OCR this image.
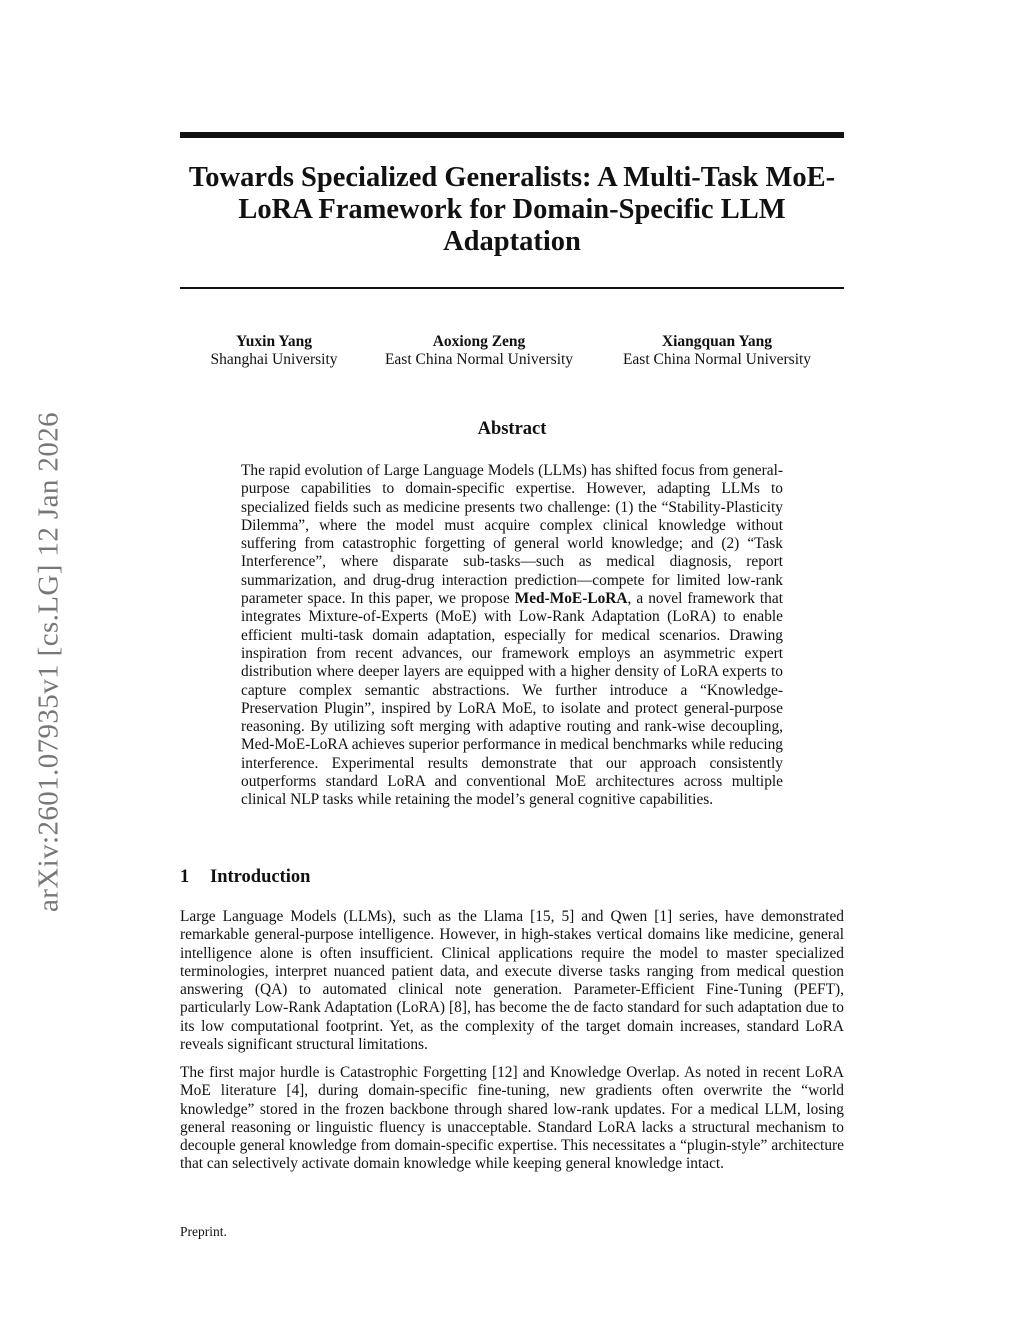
arXiv:2601.07935v1 [cs.LG] 12 Jan 2026
Towards Specialized Generalists: A Multi-Task MoE-LoRA Framework for Domain-Specific LLM Adaptation
Yuxin Yang
Shanghai University
Aoxiong Zeng
East China Normal University
Xiangquan Yang
East China Normal University
Abstract

The rapid evolution of Large Language Models (LLMs) has shifted focus from general-purpose capabilities to domain-specific expertise. However, adapting LLMs to specialized fields such as medicine presents two challenge: (1) the “Stability-Plasticity Dilemma”, where the model must acquire complex clinical knowledge without suffering from catastrophic forgetting of general world knowledge; and (2) “Task Interference”, where disparate sub-tasks—such as medical diagnosis, report summarization, and drug-drug interaction prediction—compete for limited low-rank parameter space. In this paper, we propose Med-MoE-LoRA, a novel framework that integrates Mixture-of-Experts (MoE) with Low-Rank Adaptation (LoRA) to enable efficient multi-task domain adaptation, especially for medical scenarios. Drawing inspiration from recent advances, our framework employs an asymmetric expert distribution where deeper layers are equipped with a higher density of LoRA experts to capture complex semantic abstractions. We further introduce a “Knowledge-Preservation Plugin”, inspired by LoRA MoE, to isolate and protect general-purpose reasoning. By utilizing soft merging with adaptive routing and rank-wise decoupling, Med-MoE-LoRA achieves superior performance in medical benchmarks while reducing interference. Experimental results demonstrate that our approach consistently outperforms standard LoRA and conventional MoE architectures across multiple clinical NLP tasks while retaining the model’s general cognitive capabilities.

1 Introduction

Large Language Models (LLMs), such as the Llama [15, 5] and Qwen [1] series, have demonstrated remarkable general-purpose intelligence. However, in high-stakes vertical domains like medicine, general intelligence alone is often insufficient. Clinical applications require the model to master specialized terminologies, interpret nuanced patient data, and execute diverse tasks ranging from medical question answering (QA) to automated clinical note generation. Parameter-Efficient Fine-Tuning (PEFT), particularly Low-Rank Adaptation (LoRA) [8], has become the de facto standard for such adaptation due to its low computational footprint. Yet, as the complexity of the target domain increases, standard LoRA reveals significant structural limitations.

The first major hurdle is Catastrophic Forgetting [12] and Knowledge Overlap. As noted in recent LoRA MoE literature [4], during domain-specific fine-tuning, new gradients often overwrite the “world knowledge” stored in the frozen backbone through shared low-rank updates. For a medical LLM, losing general reasoning or linguistic fluency is unacceptable. Standard LoRA lacks a structural mechanism to decouple general knowledge from domain-specific expertise. This necessitates a “plugin-style” architecture that can selectively activate domain knowledge while keeping general knowledge intact.

Preprint.
